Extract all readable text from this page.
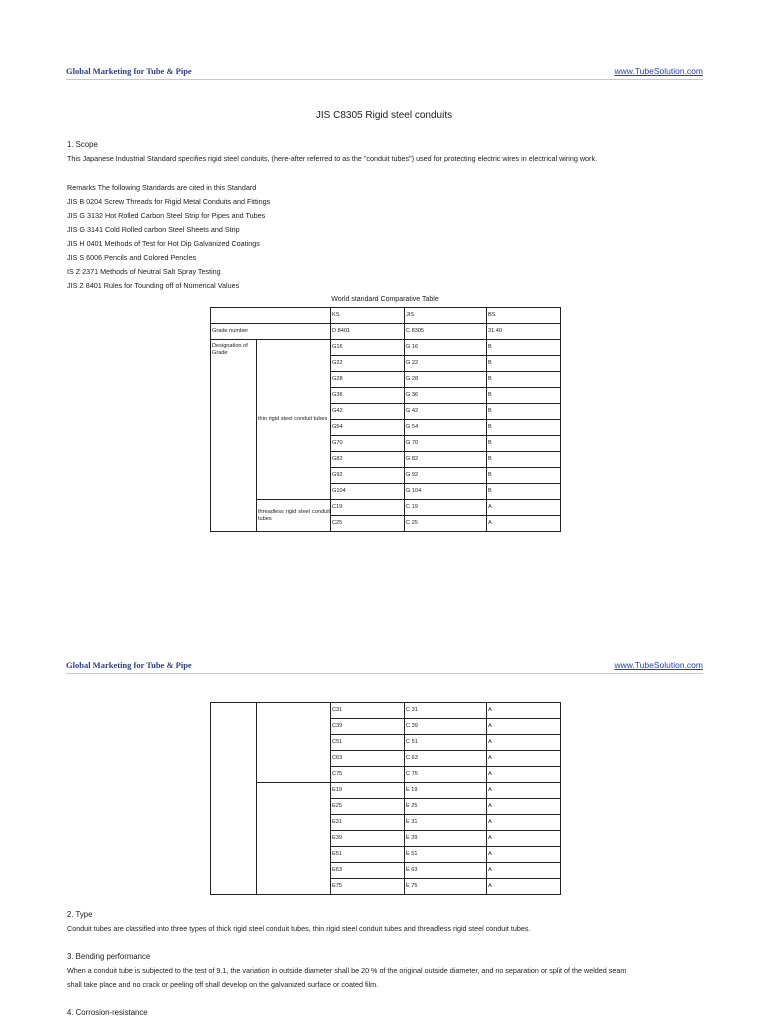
Global Marketing for Tube & Pipe	www.TubeSolution.com
JIS C8305 Rigid steel conduits
1. Scope
This Japanese Industrial Standard specifies rigid steel conduits, (here-after referred to as the "conduit tubes") used for protecting electric wires in electrical wiring work.
Remarks The following Standards are cited in this Standard
JIS B 0204 Screw Threads for Rigid Metal Conduits and Fittings
JIS G 3132 Hot Rolled Carbon Steel Strip for Pipes and Tubes
JIS G 3141 Cold Rolled carbon Steel Sheets and Strip
JIS H 0401 Methods of Test for Hot Dip Galvanized Coatings
JIS S 6006 Pencils and Colored Pencles
IS Z 2371 Methods of Neutral Salt Spray Testing
JIS Z 8401 Rules for Tounding off of Numerical Values
World standard Comparative Table
		KS	JIS	BS
Grade number		D 8401	C 8305	31.40
Designation of Grade	thin rigid steel conduit tubes	G16	G 16	B
		G22	G 22	B
		G28	G 28	B
		G36	G 36	B
		G42	G 42	B
		G54	G 54	B
		G70	G 70	B
		G82	G 82	B
		G92	G 92	B
		G104	G 104	B
	threadless rigid steel conduit tubes	C19	C 19	A
		C25	C 25	A
Global Marketing for Tube & Pipe	www.TubeSolution.com
		C31	C 31	A
		C39	C 39	A
		C51	C 51	A
		C63	C 63	A
		C75	C 75	A
		E19	E 19	A
		E25	E 25	A
		E31	E 31	A
		E39	E 39	A
		E51	E 51	A
		E63	E 63	A
		E75	E 75	A
2. Type
Conduit tubes are classified into three types of thick rigid steel conduit tubes, thin rigid steel conduit tubes and threadless rigid steel conduit tubes.
3. Bending performance
When a conduit tube is subjected to the test of 9.1, the variation in outside diameter shall be 20 % of the original outside diameter, and no separation or split of the welded seam
shall take place and no crack or peeling off shall develop on the galvanized surface or coated film.
4. Corrosion-resistance
